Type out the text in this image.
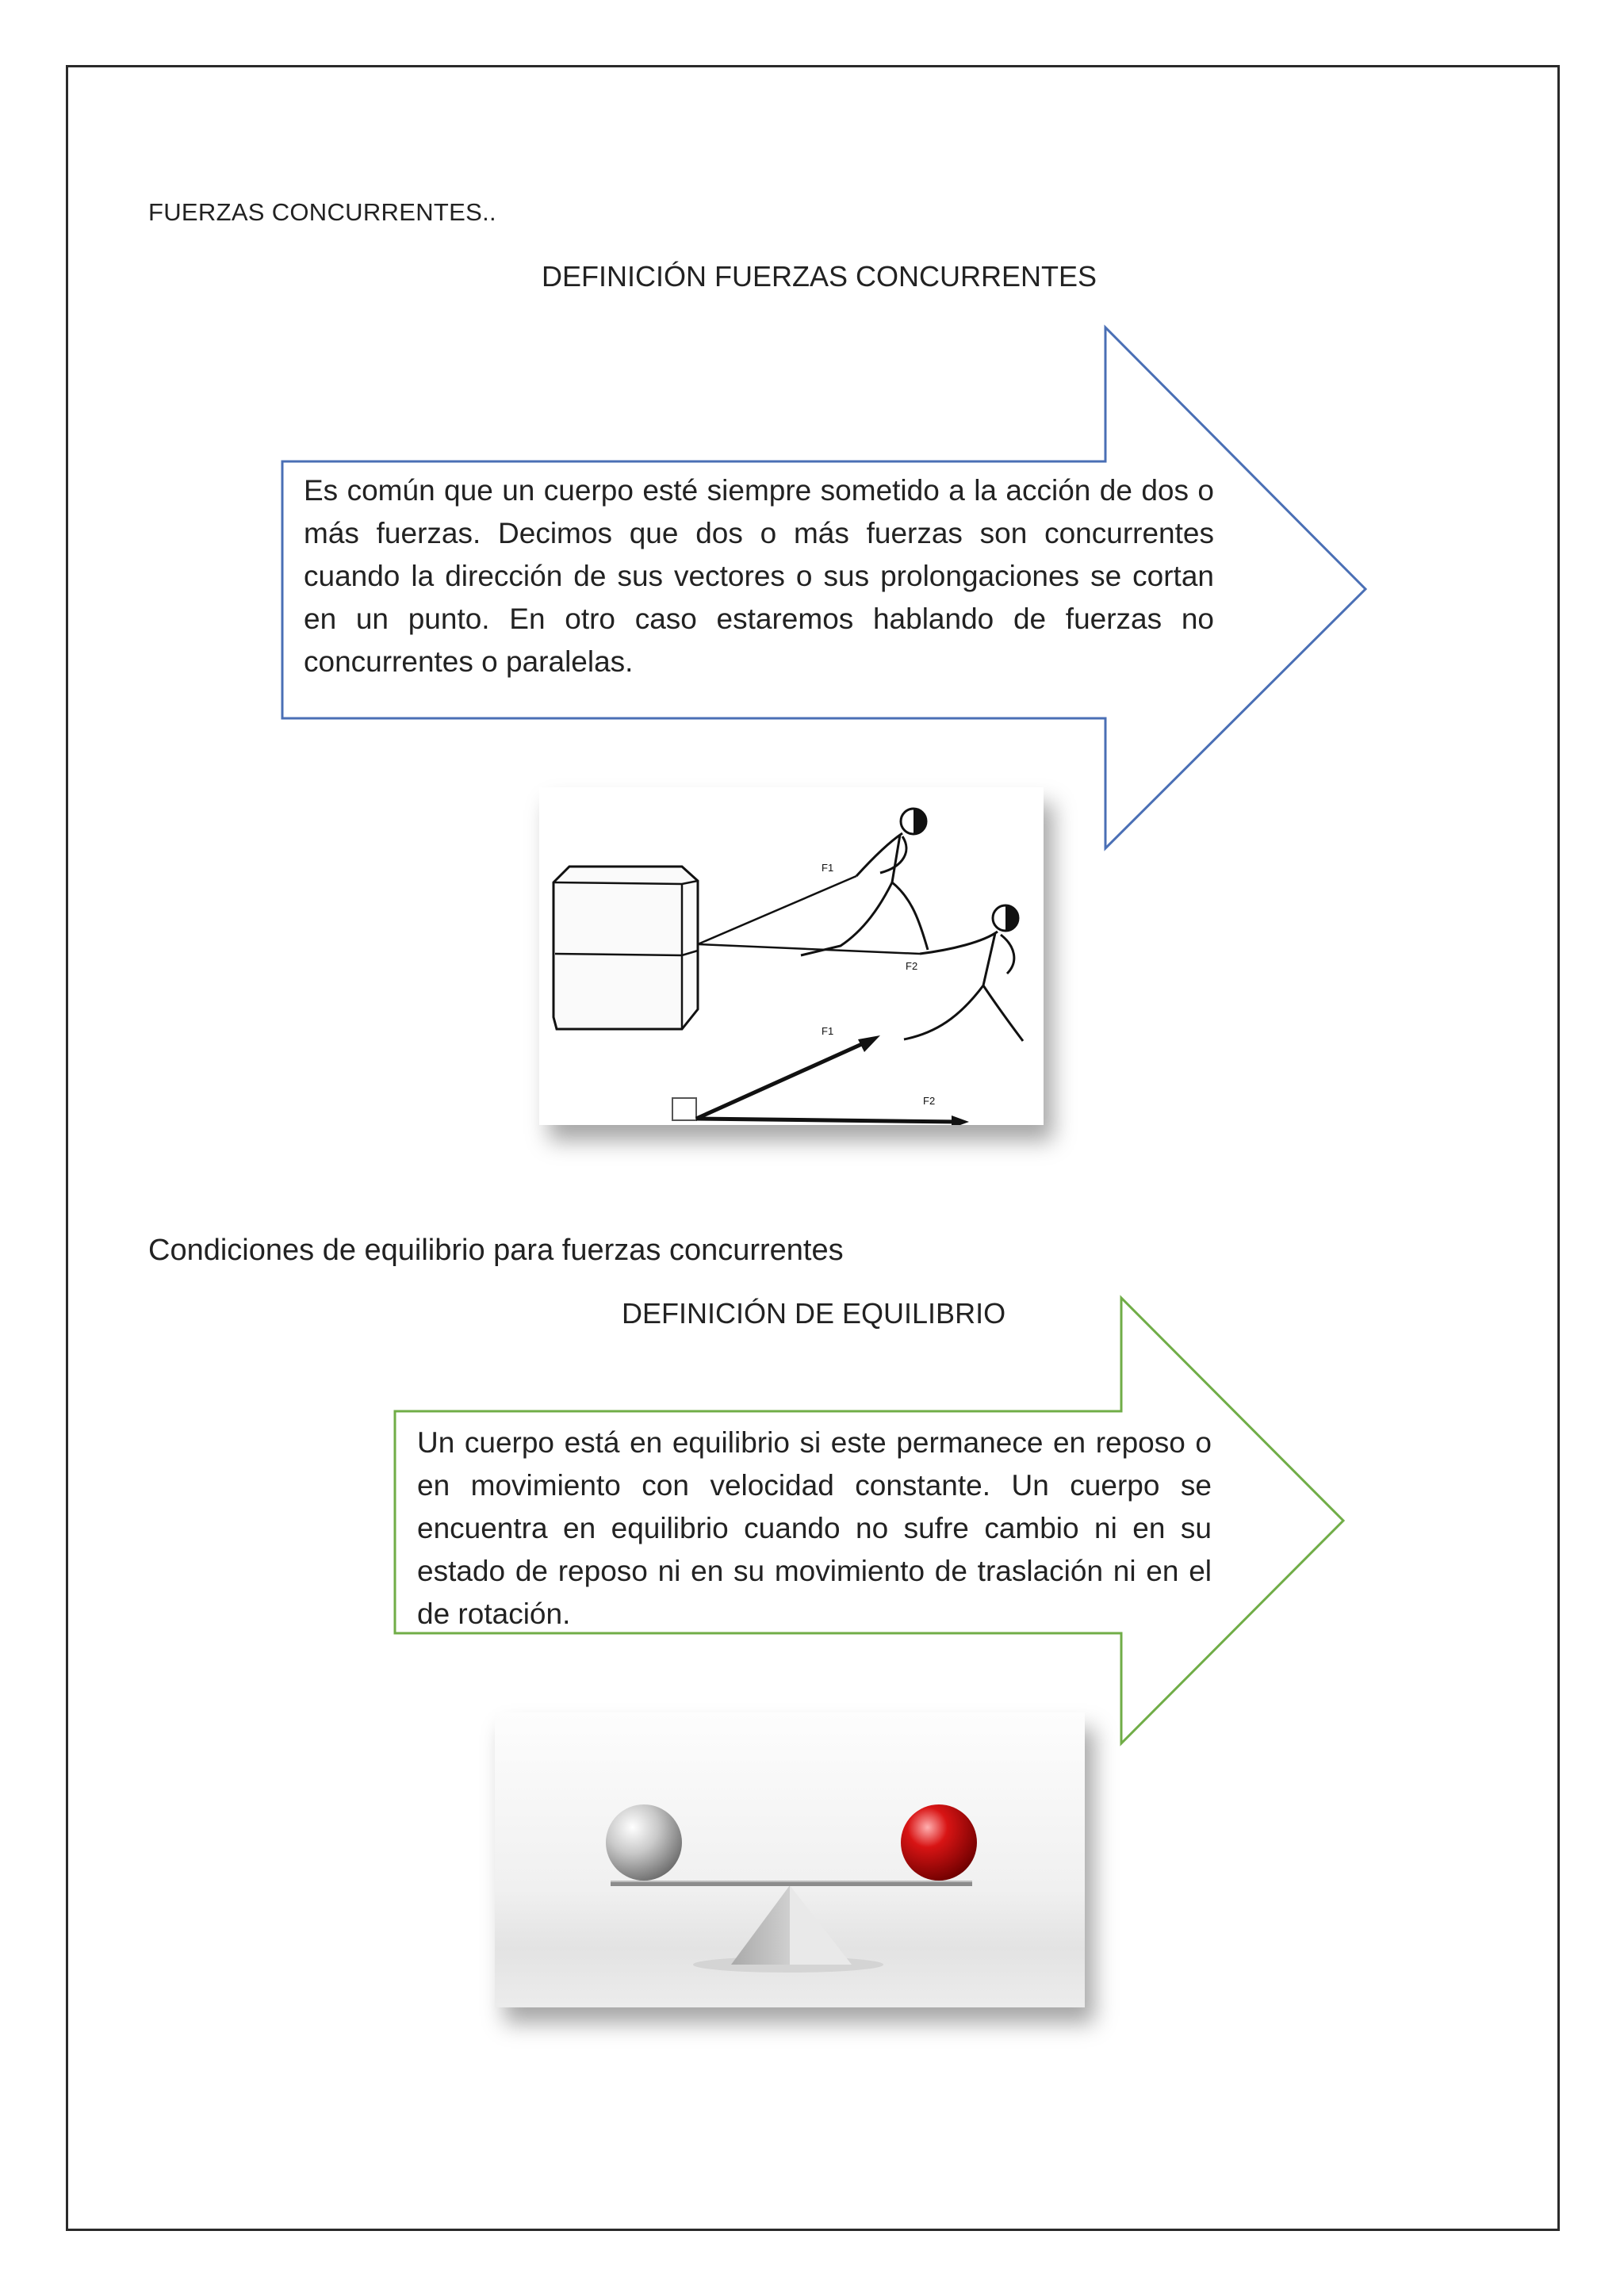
FUERZAS CONCURRENTES..
DEFINICIÓN FUERZAS CONCURRENTES
Es común que un cuerpo esté siempre sometido a la acción de dos o más fuerzas. Decimos que dos o más fuerzas son concurrentes cuando la dirección de sus vectores o sus prolongaciones se cortan en un punto. En otro caso estaremos hablando de fuerzas no concurrentes o paralelas.
F1
F2
F1
F2
Condiciones de equilibrio para fuerzas concurrentes
DEFINICIÓN DE EQUILIBRIO
Un cuerpo está en equilibrio si este permanece en reposo o en movimiento con velocidad constante. Un cuerpo se encuentra en equilibrio cuando no sufre cambio ni en su estado de reposo ni en su movimiento de traslación ni en el de rotación.
